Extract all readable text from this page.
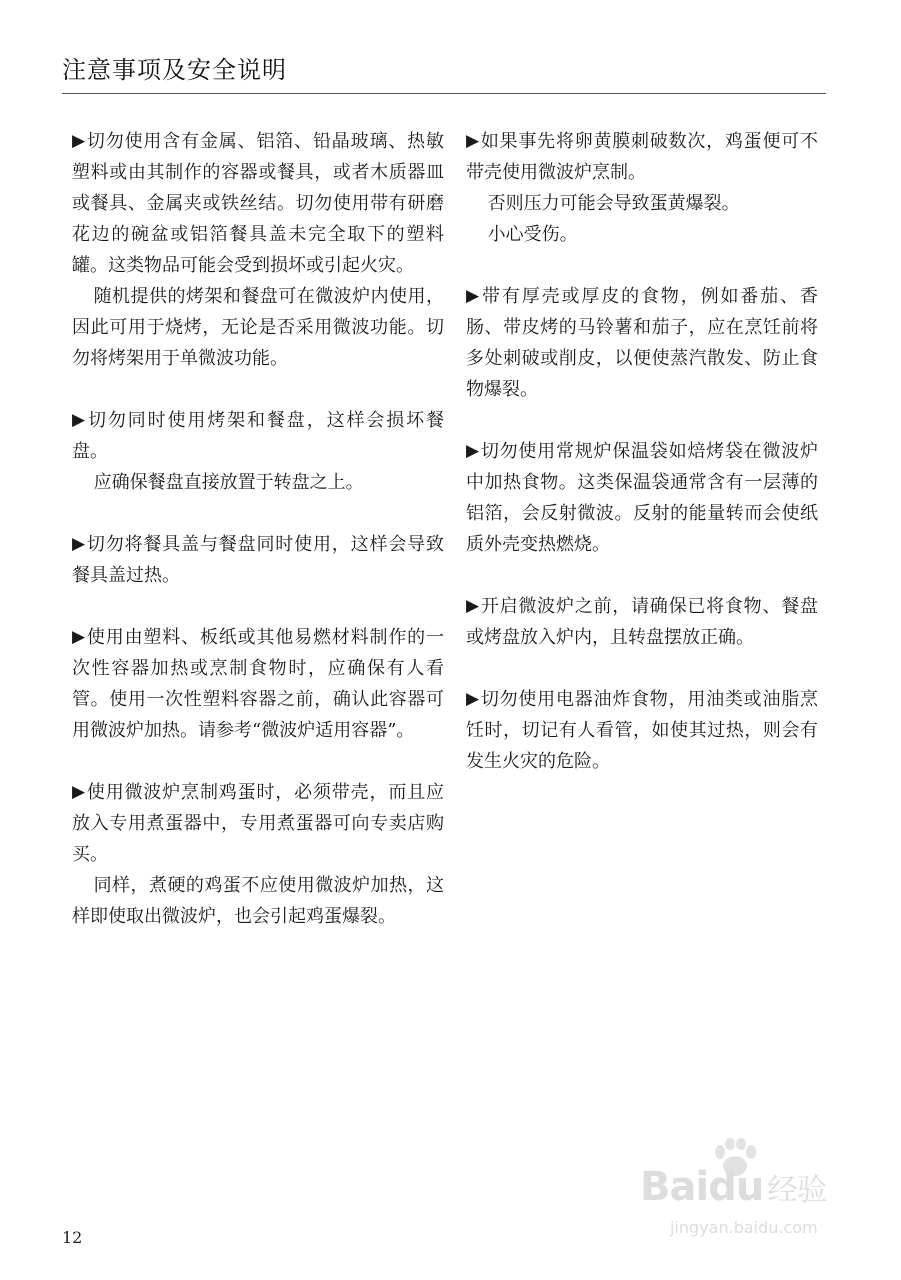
注意事项及安全说明

▶切勿使用含有金属、铝箔、铅晶玻璃、热敏塑料或由其制作的容器或餐具，或者木质器皿或餐具、金属夹或铁丝结。切勿使用带有研磨花边的碗盆或铝箔餐具盖未完全取下的塑料罐。这类物品可能会受到损坏或引起火灾。

随机提供的烤架和餐盘可在微波炉内使用，因此可用于烧烤，无论是否采用微波功能。切勿将烤架用于单微波功能。

▶切勿同时使用烤架和餐盘，这样会损坏餐盘。

应确保餐盘直接放置于转盘之上。

▶切勿将餐具盖与餐盘同时使用，这样会导致餐具盖过热。

▶使用由塑料、板纸或其他易燃材料制作的一次性容器加热或烹制食物时，应确保有人看管。使用一次性塑料容器之前，确认此容器可用微波炉加热。请参考“微波炉适用容器”。

▶使用微波炉烹制鸡蛋时，必须带壳，而且应放入专用煮蛋器中，专用煮蛋器可向专卖店购买。

同样，煮硬的鸡蛋不应使用微波炉加热，这样即使取出微波炉，也会引起鸡蛋爆裂。

▶如果事先将卵黄膜刺破数次，鸡蛋便可不带壳使用微波炉烹制。

否则压力可能会导致蛋黄爆裂。

小心受伤。

▶带有厚壳或厚皮的食物，例如番茄、香肠、带皮烤的马铃薯和茄子，应在烹饪前将多处刺破或削皮，以便使蒸汽散发、防止食物爆裂。

▶切勿使用常规炉保温袋如焙烤袋在微波炉中加热食物。这类保温袋通常含有一层薄的铝箔，会反射微波。反射的能量转而会使纸质外壳变热燃烧。

▶开启微波炉之前，请确保已将食物、餐盘或烤盘放入炉内，且转盘摆放正确。

▶切勿使用电器油炸食物，用油类或油脂烹饪时，切记有人看管，如使其过热，则会有发生火灾的危险。

12
Baidu 经验
jingyan.baidu.com
